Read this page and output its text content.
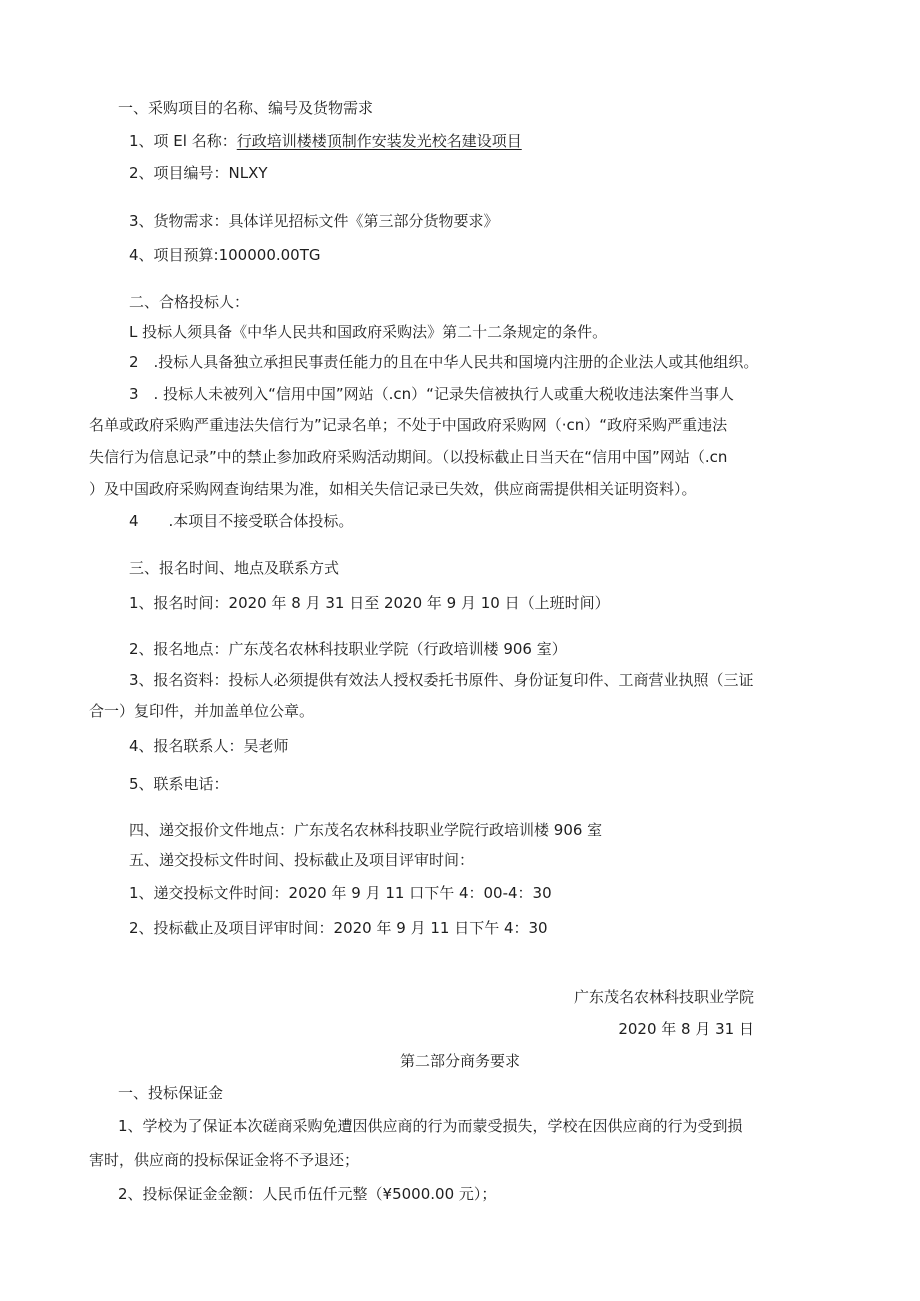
一、采购项目的名称、编号及货物需求

1、项 El 名称：行政培训楼楼顶制作安装发光校名建设项目

2、项目编号：NLXY

3、货物需求：具体详见招标文件《第三部分货物要求》

4、项目预算:100000.00TG

二、合格投标人：

L 投标人须具备《中华人民共和国政府采购法》第二十二条规定的条件。

2　.投标人具备独立承担民事责任能力的且在中华人民共和国境内注册的企业法人或其他组织。

3　. 投标人未被列入“信用中国”网站（.cn）“记录失信被执行人或重大税收违法案件当事人

名单或政府采购严重违法失信行为”记录名单；不处于中国政府采购网（·cn）“政府采购严重违法

失信行为信息记录”中的禁止参加政府采购活动期间。（以投标截止日当天在“信用中国”网站（.cn

）及中国政府采购网查询结果为准，如相关失信记录已失效，供应商需提供相关证明资料）。

4　　.本项目不接受联合体投标。

三、报名时间、地点及联系方式

1、报名时间：2020 年 8 月 31 日至 2020 年 9 月 10 日（上班时间）

2、报名地点：广东茂名农林科技职业学院（行政培训楼 906 室）

3、报名资料：投标人必须提供有效法人授权委托书原件、身份证复印件、工商营业执照（三证

合一）复印件，并加盖单位公章。

4、报名联系人：吴老师

5、联系电话：

四、递交报价文件地点：广东茂名农林科技职业学院行政培训楼 906 室

五、递交投标文件时间、投标截止及项目评审时间：

1、递交投标文件时间：2020 年 9 月 11 口下午 4：00-4：30

2、投标截止及项目评审时间：2020 年 9 月 11 日下午 4：30

广东茂名农林科技职业学院

2020 年 8 月 31 日

第二部分商务要求

一、投标保证金

1、学校为了保证本次磋商采购免遭因供应商的行为而蒙受损失，学校在因供应商的行为受到损

害时，供应商的投标保证金将不予退还；

2、投标保证金金额：人民币伍仟元整（¥5000.00 元）；
